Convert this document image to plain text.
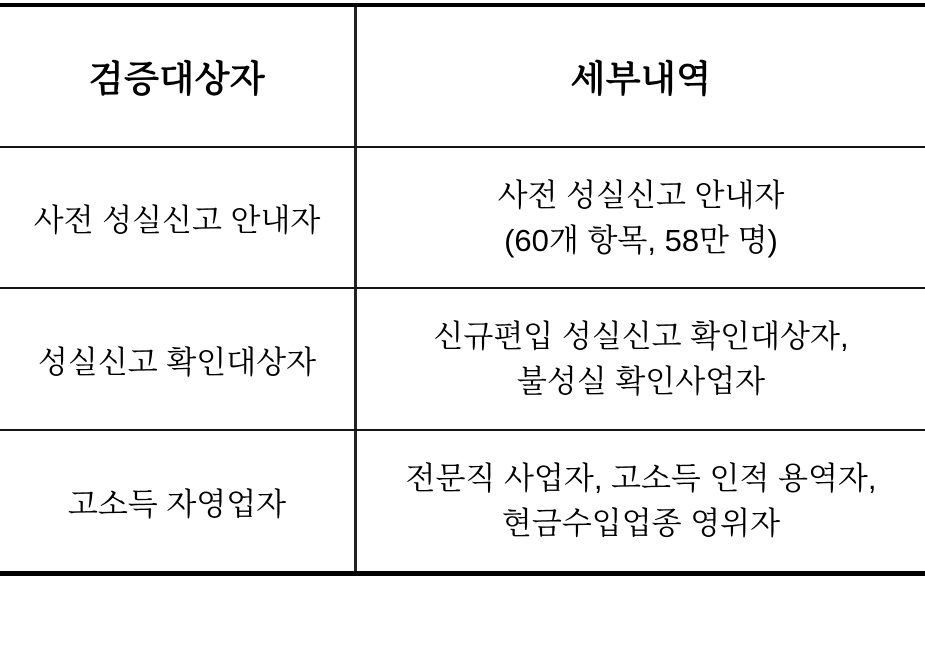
검증대상자	세부내역
사전 성실신고 안내자
사전 성실신고 안내자
(60개 항목, 58만 명)
성실신고 확인대상자
신규편입 성실신고 확인대상자,
불성실 확인사업자
고소득 자영업자
전문직 사업자, 고소득 인적 용역자,
현금수입업종 영위자
